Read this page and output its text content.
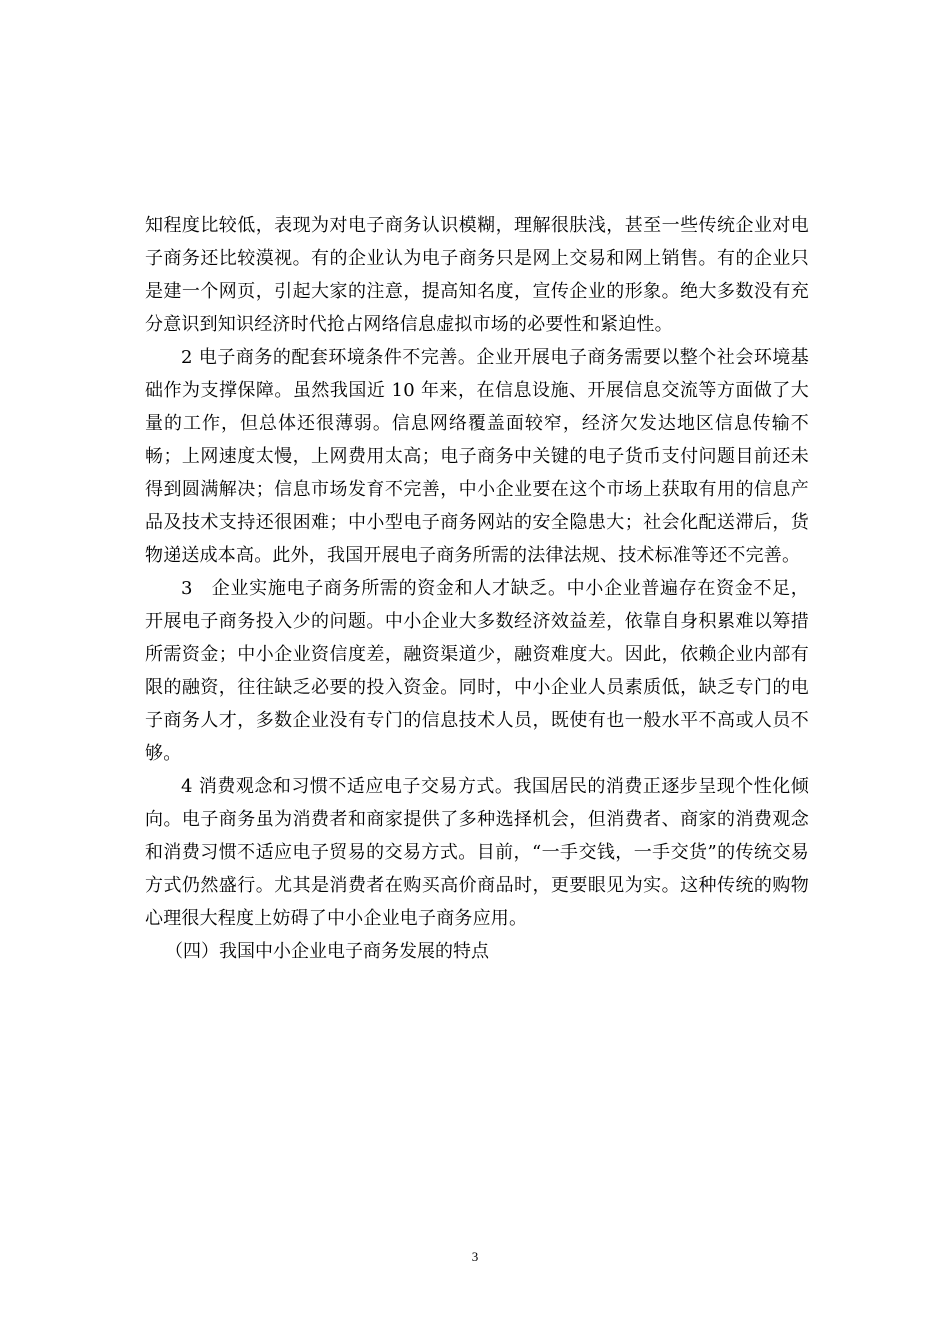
知程度比较低，表现为对电子商务认识模糊，理解很肤浅，甚至一些传统企业对电子商务还比较漠视。有的企业认为电子商务只是网上交易和网上销售。有的企业只是建一个网页，引起大家的注意，提高知名度，宣传企业的形象。绝大多数没有充分意识到知识经济时代抢占网络信息虚拟市场的必要性和紧迫性。

2 电子商务的配套环境条件不完善。企业开展电子商务需要以整个社会环境基础作为支撑保障。虽然我国近 10 年来，在信息设施、开展信息交流等方面做了大量的工作，但总体还很薄弱。信息网络覆盖面较窄，经济欠发达地区信息传输不畅；上网速度太慢，上网费用太高；电子商务中关键的电子货币支付问题目前还未得到圆满解决；信息市场发育不完善，中小企业要在这个市场上获取有用的信息产品及技术支持还很困难；中小型电子商务网站的安全隐患大；社会化配送滞后，货物递送成本高。此外，我国开展电子商务所需的法律法规、技术标准等还不完善。

3　企业实施电子商务所需的资金和人才缺乏。中小企业普遍存在资金不足，开展电子商务投入少的问题。中小企业大多数经济效益差，依靠自身积累难以筹措所需资金；中小企业资信度差，融资渠道少，融资难度大。因此，依赖企业内部有限的融资，往往缺乏必要的投入资金。同时，中小企业人员素质低，缺乏专门的电子商务人才，多数企业没有专门的信息技术人员，既使有也一般水平不高或人员不够。

4 消费观念和习惯不适应电子交易方式。我国居民的消费正逐步呈现个性化倾向。电子商务虽为消费者和商家提供了多种选择机会，但消费者、商家的消费观念和消费习惯不适应电子贸易的交易方式。目前，“一手交钱，一手交货”的传统交易方式仍然盛行。尤其是消费者在购买高价商品时，更要眼见为实。这种传统的购物心理很大程度上妨碍了中小企业电子商务应用。

（四）我国中小企业电子商务发展的特点

3
